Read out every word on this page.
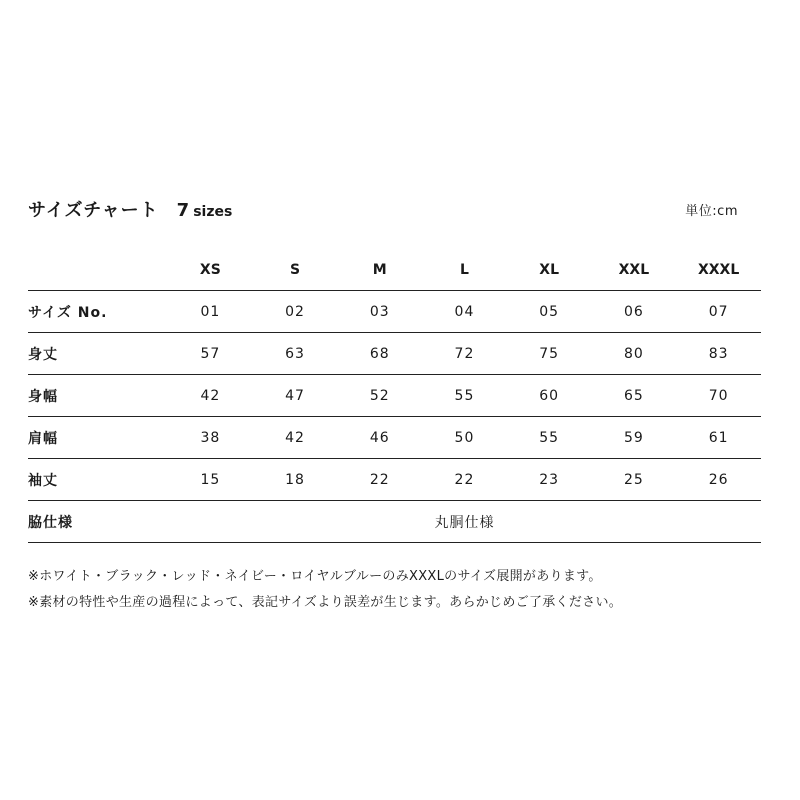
サイズチャート 7 sizes	単位:cm
	XS	S	M	L	XL	XXL	XXXL
サイズ No.	01	02	03	04	05	06	07
身丈	57	63	68	72	75	80	83
身幅	42	47	52	55	60	65	70
肩幅	38	42	46	50	55	59	61
袖丈	15	18	22	22	23	25	26
脇仕様	丸胴仕様						
※ホワイト・ブラック・レッド・ネイビー・ロイヤルブルーのみXXXLのサイズ展開があります。
※素材の特性や生産の過程によって、表記サイズより誤差が生じます。あらかじめご了承ください。
